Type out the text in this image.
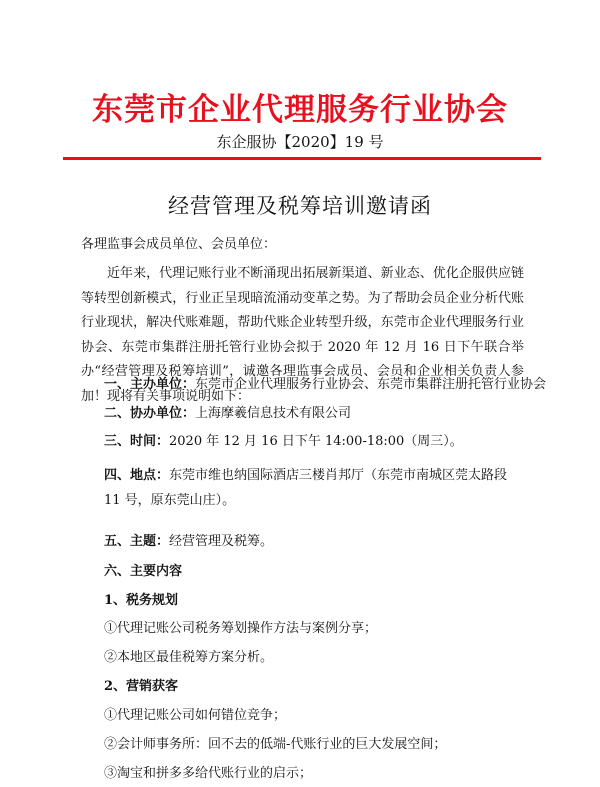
东莞市企业代理服务行业协会
东企服协【2020】19 号
经营管理及税筹培训邀请函
各理监事会成员单位、会员单位：

近年来，代理记账行业不断涌现出拓展新渠道、新业态、优化企服供应链等转型创新模式，行业正呈现暗流涌动变革之势。为了帮助会员企业分析代账行业现状，解决代账难题，帮助代账企业转型升级，东莞市企业代理服务行业协会、东莞市集群注册托管行业协会拟于 2020 年 12 月 16 日下午联合举办“经营管理及税筹培训”，诚邀各理监事会成员、会员和企业相关负责人参加！现将有关事项说明如下：

一、主办单位：东莞市企业代理服务行业协会、东莞市集群注册托管行业协会
二、协办单位：上海摩羲信息技术有限公司
三、时间：2020 年 12 月 16 日下午 14:00-18:00（周三）。

四、地点：东莞市维也纳国际酒店三楼肖邦厅（东莞市南城区莞太路段 11 号，原东莞山庄）。

五、主题：经营管理及税筹。
六、主要内容
1、税务规划
①代理记账公司税务筹划操作方法与案例分享；
②本地区最佳税筹方案分析。
2、营销获客
①代理记账公司如何错位竞争；
②会计师事务所：回不去的低端-代账行业的巨大发展空间；
③淘宝和拼多多给代账行业的启示；
